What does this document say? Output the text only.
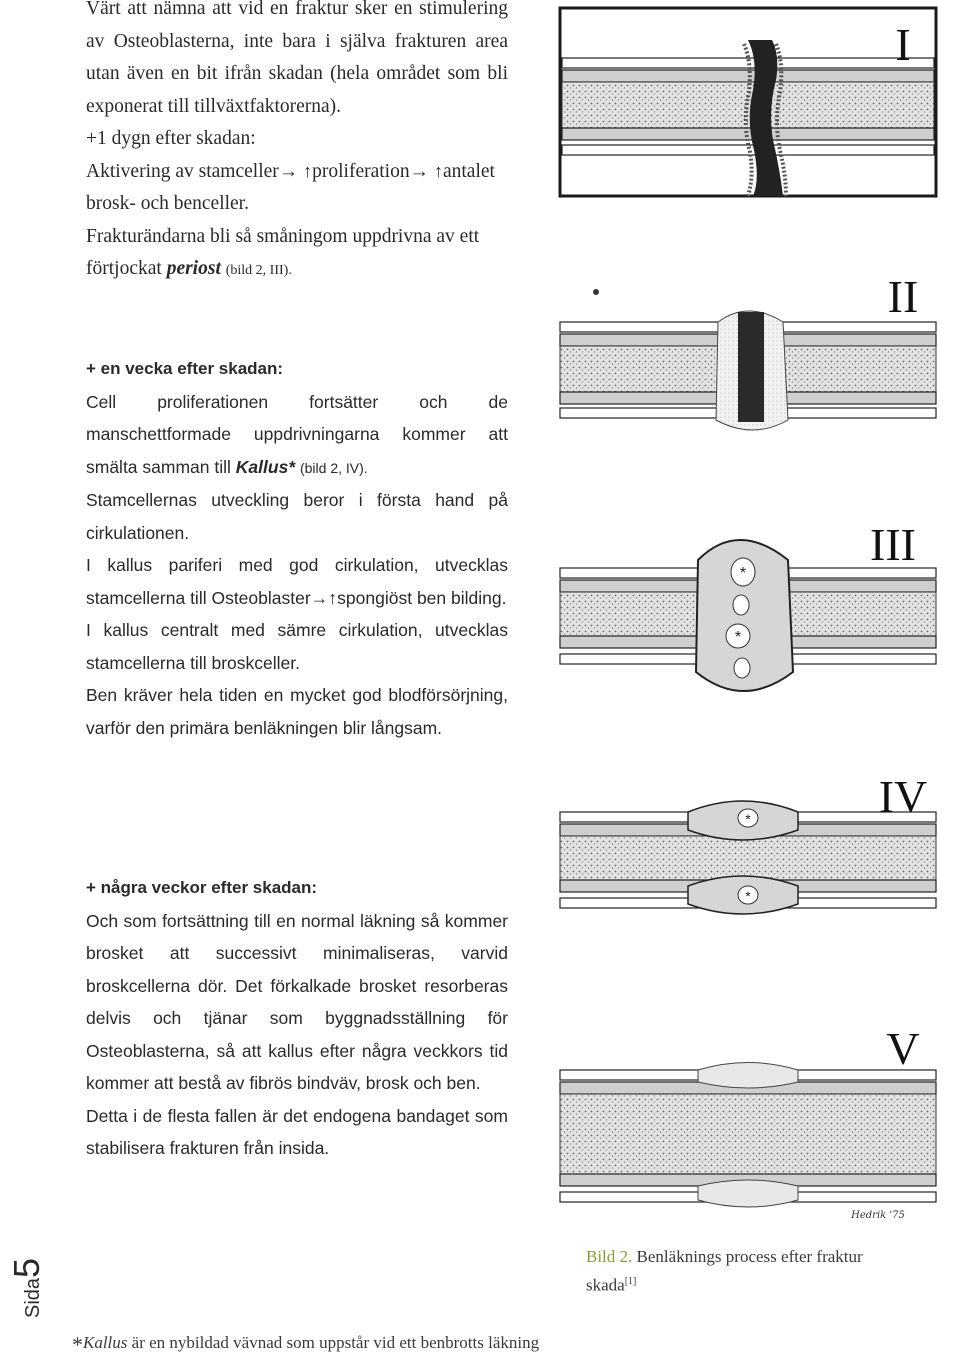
Värt att nämna att vid en fraktur sker en stimulering av Osteoblasterna, inte bara i själva frakturen area utan även en bit ifrån skadan (hela området som bli exponerat till tillväxtfaktorerna).

+1 dygn efter skadan:

Aktivering av stamceller→ ↑proliferation→ ↑antalet brosk- och benceller.

Frakturändarna bli så småningom uppdrivna av ett förtjockat periost (bild 2, III).

+ en vecka efter skadan:

Cell proliferationen fortsätter och de manschettformade uppdrivningarna kommer att smälta samman till Kallus* (bild 2, IV).

Stamcellernas utveckling beror i första hand på cirkulationen.

I kallus pariferi med god cirkulation, utvecklas stamcellerna till Osteoblaster→↑spongiöst ben bilding.

I kallus centralt med sämre cirkulation, utvecklas stamcellerna till broskceller.

Ben kräver hela tiden en mycket god blodförsörjning, varför den primära benläkningen blir långsam.

+ några veckor efter skadan:

Och som fortsättning till en normal läkning så kommer brosket att successivt minimaliseras, varvid broskcellerna dör. Det förkalkade brosket resorberas delvis och tjänar som byggnadsställning för Osteoblasterna, så att kallus efter några veckkors tid kommer att bestå av fibrös bindväv, brosk och ben.

Detta i de flesta fallen är det endogena bandaget som stabilisera frakturen från insida.

I
II
*
*
III
*
*
IV
V
Hedrik '75
Bild 2. Benläknings process efter fraktur skada[1]
Sida5
*Kallus är en nybildad vävnad som uppstår vid ett benbrotts läkning
